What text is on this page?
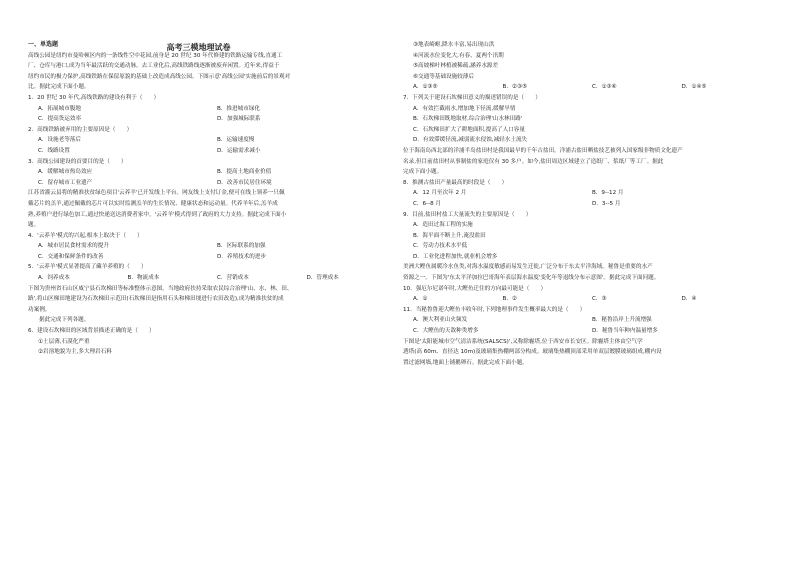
高考三模地理试卷

一、单选题

高线公园是纽约市曼哈顿区内的一条线性空中花园,前身是 20 世纪 30 年代修建的铁路运输专线,直通工

厂、仓库与港口,成为当年最活跃的交通动脉。去工业化后,高线铁路线逐渐被废弃闲置。近年来,得益于

纽约市民的极力保护,高线铁路在保留原貌的基础上改造成高线公园。下图示意'高线公园'实施前后的景观对

比。据此完成下面小题。

1．20 世纪 30 年代,高线铁路的建设有利于（　　）

A．拓展城市腹地	B．推进城市绿化
C．提高货运效率	D．加强城际联系

2．高线铁路被弃用的主要原因是（　　）

A．设施老等落后	B．运输速度慢
C．线路设置	D．运输需求减小

3．高线公园建设的首要目的是（　　）

A．缓解城市热岛效应	B．提高土地商业价值
C．留存城市工业遗产	D．改善市民居住环境

江苏省灌云县将的精准扶贫绿色项目'云养羊'已开发线上平台。网友线上支付订金,便可在线上领养一只佩

戴芯片的羔羊,通过佩戴的芯片可以实时监测羔羊的生长情况、健康状态和运动量。代养羊年后,羔羊成

熟,养殖户进行绿色加工,通过快递送达消费者家中。'云养羊'模式得到了政府的大力支持。据此完成下面小

题。

4．'云养羊'模式的兴起,根本上取决于（　　）

A．城市居民食材需求的提升	B．区际联系的加强
C．交通和保鲜条件的改善	D．养殖技术的进步

5．'云养羊'模式显著提高了藏羊养殖的（　　）

A．饲养成本	B．物流成本	C．营销成本	D．管理成本

下图为贵州省石山区威宁县石坎梯田等标准整体示意图。当地政府扶持采取农民综合治理'山、水、林、田、

路',将山区梯田地建设为石坎梯田示范田(石坎梯田是指用石头和梯田埂进行农田改造),成为精准扶贫的成

功案例。

据此完成下列各题。

6．建设石坎梯田的区域背景描述正确的是（　　）

①土层薄,石漠化严重

②岩溶地貌为主,多大理岩石料

③地表崎岖,降水丰富,易出现山洪

④河流水位变化大,有春、夏两个汛期

⑤高坡梯叶林植被稀疏,涵养水源差

⑥交通等基础设施较薄后

A．①③⑤	B．②③⑤	C．①③⑥	D．①④⑤

7．下列关于建设石坎梯田意义的描述错误的是（　　）

A．有效拦截雨水,增加地下径流,缓解旱情

B．石坎梯田既地取材,综合治理'山水林田路'

C．石坎梯田扩大了耕地面积,提高了人口容量

D．有效滞缓径流,减弱流水侵蚀,减轻水土流失

位于海南岛西北部的洋浦半岛盐田村是我国最早的千年古盐田。洋浦古盐田晒盐技艺被列入国家级非物质文化遗产

名录,但目前盐田村从事制盐的家庭仅有 30 多户。如今,盐田周边区域建立了造纸厂、浆纸厂等工厂。据此

完成下面小题。

8．推测古盐田产量最高的时段是（　　）

A．12 月至次年 2 月	B．9--12 月
C．6--8 月	D．3--5 月

9．目前,盐田村盐工大量流失的主要原因是（　　）

A．造田过海工程的实施

B．海平面不断上升,淹没盐田

C．劳动力技术水平低

D．工业化进程加快,就业机会增多

美洲大鲣鱼属暖冷水鱼类,对海水温度敏感而易发生迁徙,广泛分布于东太平洋海域。秘鲁是重要的水产

资源之一。下图为'东太平洋加拉巴哥海年表层海水温度'变化年等退线分布示意图'。据此完成下面问题。

10．强厄尔尼诺年时,大鲣鱼迁往的方向最可能是（　　）

A．①	B．②	C．③	D．④

11．当秘鲁鲁迎大鲣鱼丰收年时,下列地理事件发生概率最大的是（　　）

A．澳大利亚山火频发	B．秘鲁沿岸上升流增强
C．大鲣鱼的天敌种类增多	D．秘鲁当年种内温量增多

下图是'太阳能城市空气清洁系统(SALSCS)',又称除霾塔,位于西安市长安区。除霾塔主体由空气学

透塔(高 60m、直径达 10m)及玻璃集热棚两部分构成。玻璃集热棚顶部采用单双层镀膜玻璃组成,棚内设

置过滤网墙,地面上铺鹅卵石。据此完成下面小题。
